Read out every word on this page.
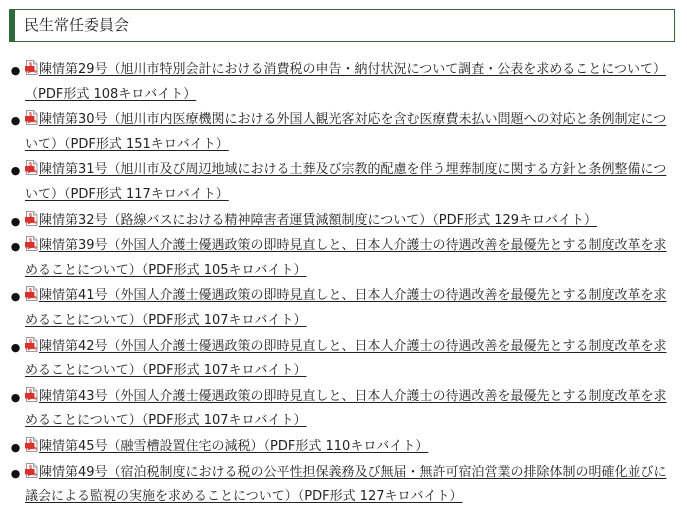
民生常任委員会
● 陳情第29号（旭川市特別会計における消費税の申告・納付状況について調査・公表を求めることについて）（PDF形式 108キロバイト）
● 陳情第30号（旭川市内医療機関における外国人観光客対応を含む医療費未払い問題への対応と条例制定について）（PDF形式 151キロバイト）
● 陳情第31号（旭川市及び周辺地域における土葬及び宗教的配慮を伴う埋葬制度に関する方針と条例整備について）（PDF形式 117キロバイト）
● 陳情第32号（路線バスにおける精神障害者運賃減額制度について）（PDF形式 129キロバイト）
● 陳情第39号（外国人介護士優遇政策の即時見直しと、日本人介護士の待遇改善を最優先とする制度改革を求めることについて）（PDF形式 105キロバイト）
● 陳情第41号（外国人介護士優遇政策の即時見直しと、日本人介護士の待遇改善を最優先とする制度改革を求めることについて）（PDF形式 107キロバイト）
● 陳情第42号（外国人介護士優遇政策の即時見直しと、日本人介護士の待遇改善を最優先とする制度改革を求めることについて）（PDF形式 107キロバイト）
● 陳情第43号（外国人介護士優遇政策の即時見直しと、日本人介護士の待遇改善を最優先とする制度改革を求めることについて）（PDF形式 107キロバイト）
● 陳情第45号（融雪槽設置住宅の減税）（PDF形式 110キロバイト）
● 陳情第49号（宿泊税制度における税の公平性担保義務及び無届・無許可宿泊営業の排除体制の明確化並びに議会による監視の実施を求めることについて）（PDF形式 127キロバイト）
